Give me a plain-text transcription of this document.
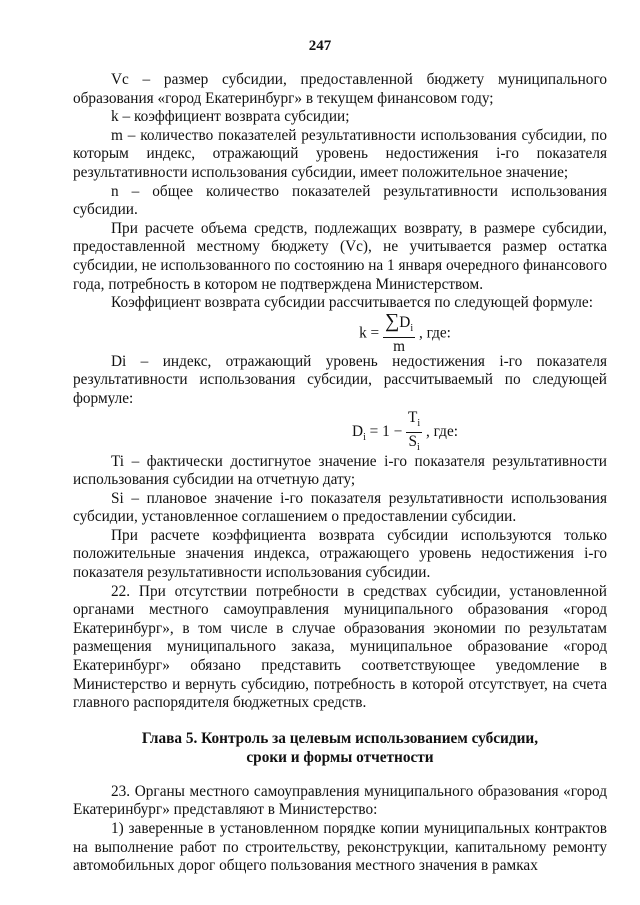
247

Vс – размер субсидии, предоставленной бюджету муниципального образования «город Екатеринбург» в текущем финансовом году;

k – коэффициент возврата субсидии;

m – количество показателей результативности использования субсидии, по которым индекс, отражающий уровень недостижения i-го показателя результативности использования субсидии, имеет положительное значение;

n – общее количество показателей результативности использования субсидии.

При расчете объема средств, подлежащих возврату, в размере субсидии, предоставленной местному бюджету (Vс), не учитывается размер остатка субсидии, не использованного по состоянию на 1 января очередного финансового года, потребность в котором не подтверждена Министерством.

Коэффициент возврата субсидии рассчитывается по следующей формуле:

$k = \frac{\sum D_i}{m}$ , где:

Di – индекс, отражающий уровень недостижения i-го показателя результативности использования субсидии, рассчитываемый по следующей формуле:

$D_i = 1 - \frac{T_i}{S_i}$ , где:

Ti – фактически достигнутое значение i-го показателя результативности использования субсидии на отчетную дату;

Si – плановое значение i-го показателя результативности использования субсидии, установленное соглашением о предоставлении субсидии.

При расчете коэффициента возврата субсидии используются только положительные значения индекса, отражающего уровень недостижения i-го показателя результативности использования субсидии.

22. При отсутствии потребности в средствах субсидии, установленной органами местного самоуправления муниципального образования «город Екатеринбург», в том числе в случае образования экономии по результатам размещения муниципального заказа, муниципальное образование «город Екатеринбург» обязано представить соответствующее уведомление в Министерство и вернуть субсидию, потребность в которой отсутствует, на счета главного распорядителя бюджетных средств.

Глава 5. Контроль за целевым использованием субсидии,
сроки и формы отчетности

23. Органы местного самоуправления муниципального образования «город Екатеринбург» представляют в Министерство:

1) заверенные в установленном порядке копии муниципальных контрактов на выполнение работ по строительству, реконструкции, капитальному ремонту автомобильных дорог общего пользования местного значения в рамках
